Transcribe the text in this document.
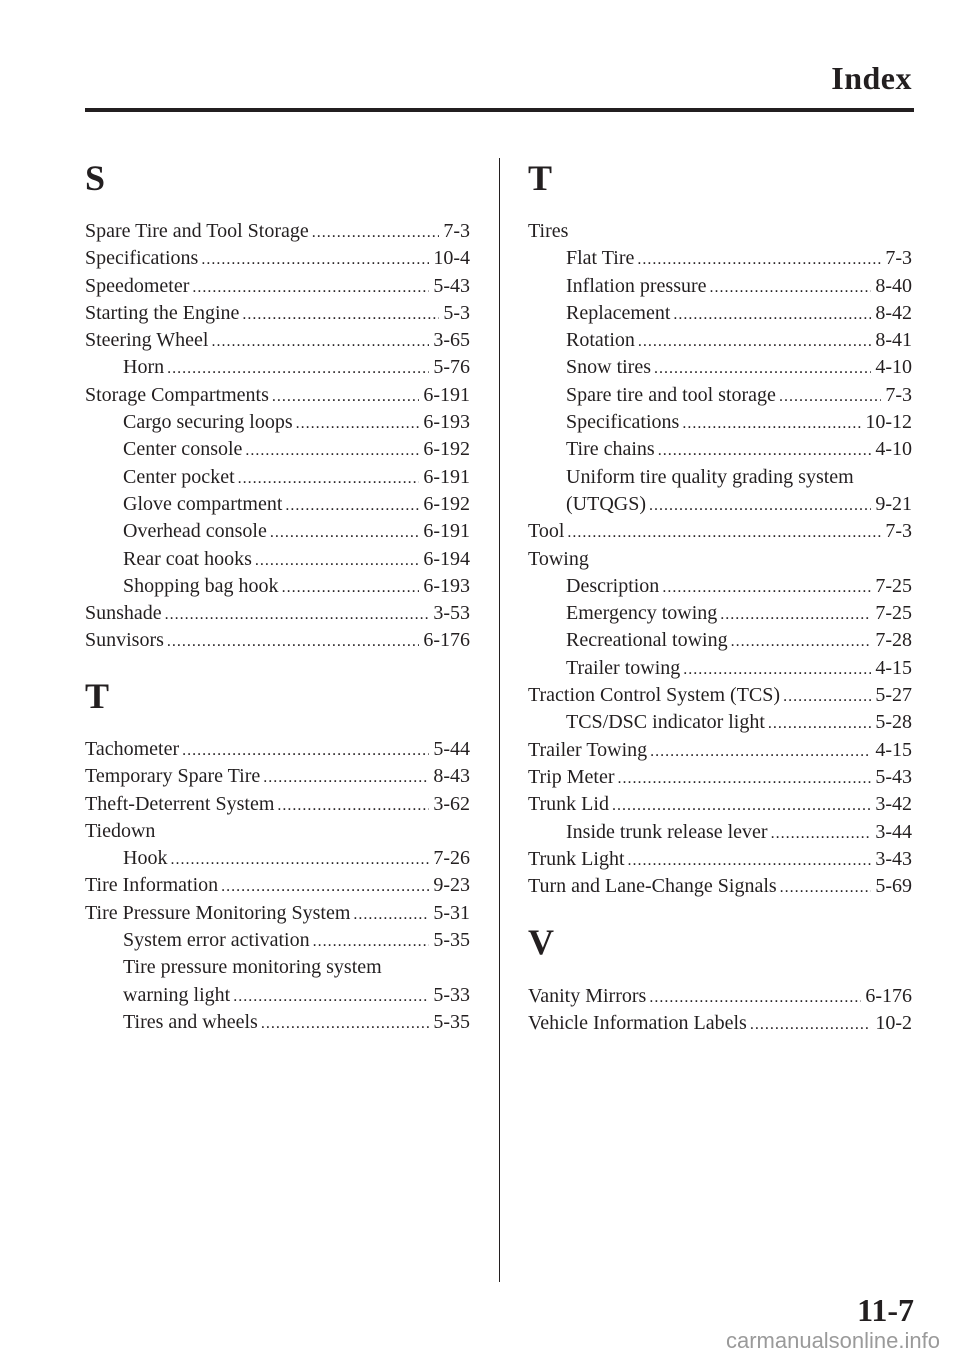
Index
S
Spare Tire and Tool Storage .....	7-3
Specifications .....	10-4
Speedometer .....	5-43
Starting the Engine .....	5-3
Steering Wheel .....	3-65
Horn .....	5-76
Storage Compartments .....	6-191
Cargo securing loops .....	6-193
Center console .....	6-192
Center pocket .....	6-191
Glove compartment .....	6-192
Overhead console .....	6-191
Rear coat hooks .....	6-194
Shopping bag hook .....	6-193
Sunshade .....	3-53
Sunvisors .....	6-176
T
Tachometer .....	5-44
Temporary Spare Tire .....	8-43
Theft-Deterrent System .....	3-62
Tiedown
Hook .....	7-26
Tire Information .....	9-23
Tire Pressure Monitoring System .....	5-31
System error activation .....	5-35
Tire pressure monitoring system
warning light .....	5-33
Tires and wheels .....	5-35
T
Tires
Flat Tire .....	7-3
Inflation pressure .....	8-40
Replacement .....	8-42
Rotation .....	8-41
Snow tires .....	4-10
Spare tire and tool storage .....	7-3
Specifications .....	10-12
Tire chains .....	4-10
Uniform tire quality grading system
(UTQGS) .....	9-21
Tool .....	7-3
Towing
Description .....	7-25
Emergency towing .....	7-25
Recreational towing .....	7-28
Trailer towing .....	4-15
Traction Control System (TCS) .....	5-27
TCS/DSC indicator light .....	5-28
Trailer Towing .....	4-15
Trip Meter .....	5-43
Trunk Lid .....	3-42
Inside trunk release lever .....	3-44
Trunk Light .....	3-43
Turn and Lane-Change Signals .....	5-69
V
Vanity Mirrors .....	6-176
Vehicle Information Labels .....	10-2
11-7
carmanualsonline.info
